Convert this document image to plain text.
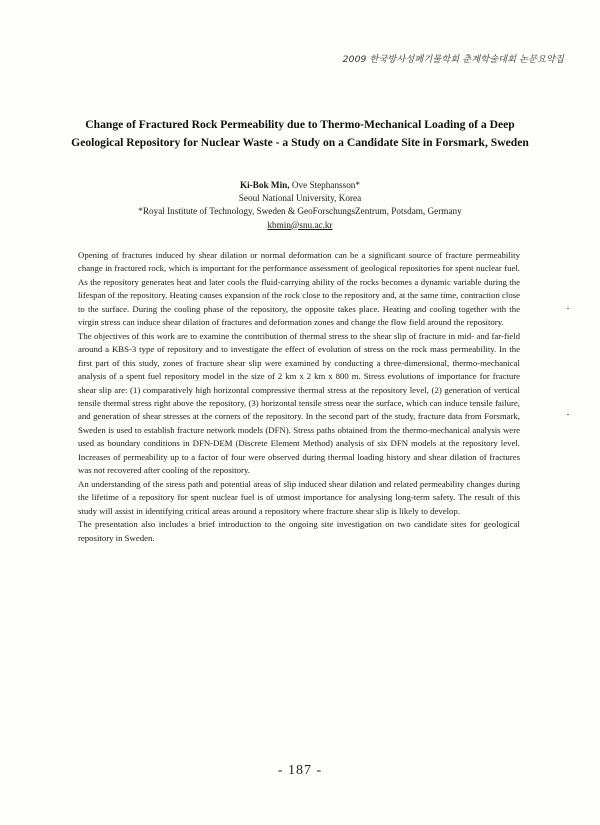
2009 한국방사성폐기물학회 춘계학술대회 논문요약집
Change of Fractured Rock Permeability due to Thermo-Mechanical Loading of a Deep Geological Repository for Nuclear Waste - a Study on a Candidate Site in Forsmark, Sweden
Ki-Bok Min, Ove Stephansson*
Seoul National University, Korea
*Royal Institute of Technology, Sweden & GeoForschungsZentrum, Potsdam, Germany
kbmin@snu.ac.kr

Opening of fractures induced by shear dilation or normal deformation can be a significant source of fracture permeability change in fractured rock, which is important for the performance assessment of geological repositories for spent nuclear fuel. As the repository generates heat and later cools the fluid-carrying ability of the rocks becomes a dynamic variable during the lifespan of the repository. Heating causes expansion of the rock close to the repository and, at the same time, contraction close to the surface. During the cooling phase of the repository, the opposite takes place. Heating and cooling together with the virgin stress can induce shear dilation of fractures and deformation zones and change the flow field around the repository.

The objectives of this work are to examine the contribution of thermal stress to the shear slip of fracture in mid- and far-field around a KBS-3 type of repository and to investigate the effect of evolution of stress on the rock mass permeability. In the first part of this study, zones of fracture shear slip were examined by conducting a three-dimensional, thermo-mechanical analysis of a spent fuel repository model in the size of 2 km x 2 km x 800 m. Stress evolutions of importance for fracture shear slip are: (1) comparatively high horizontal compressive thermal stress at the repository level, (2) generation of vertical tensile thermal stress right above the repository, (3) horizontal tensile stress near the surface, which can induce tensile failure, and generation of shear stresses at the corners of the repository. In the second part of the study, fracture data from Forsmark, Sweden is used to establish fracture network models (DFN). Stress paths obtained from the thermo-mechanical analysis were used as boundary conditions in DFN-DEM (Discrete Element Method) analysis of six DFN models at the repository level. Increases of permeability up to a factor of four were observed during thermal loading history and shear dilation of fractures was not recovered after cooling of the repository.

An understanding of the stress path and potential areas of slip induced shear dilation and related permeability changes during the lifetime of a repository for spent nuclear fuel is of utmost importance for analysing long-term safety. The result of this study will assist in identifying critical areas around a repository where fracture shear slip is likely to develop.

The presentation also includes a brief introduction to the ongoing site investigation on two candidate sites for geological repository in Sweden.

- 187 -
